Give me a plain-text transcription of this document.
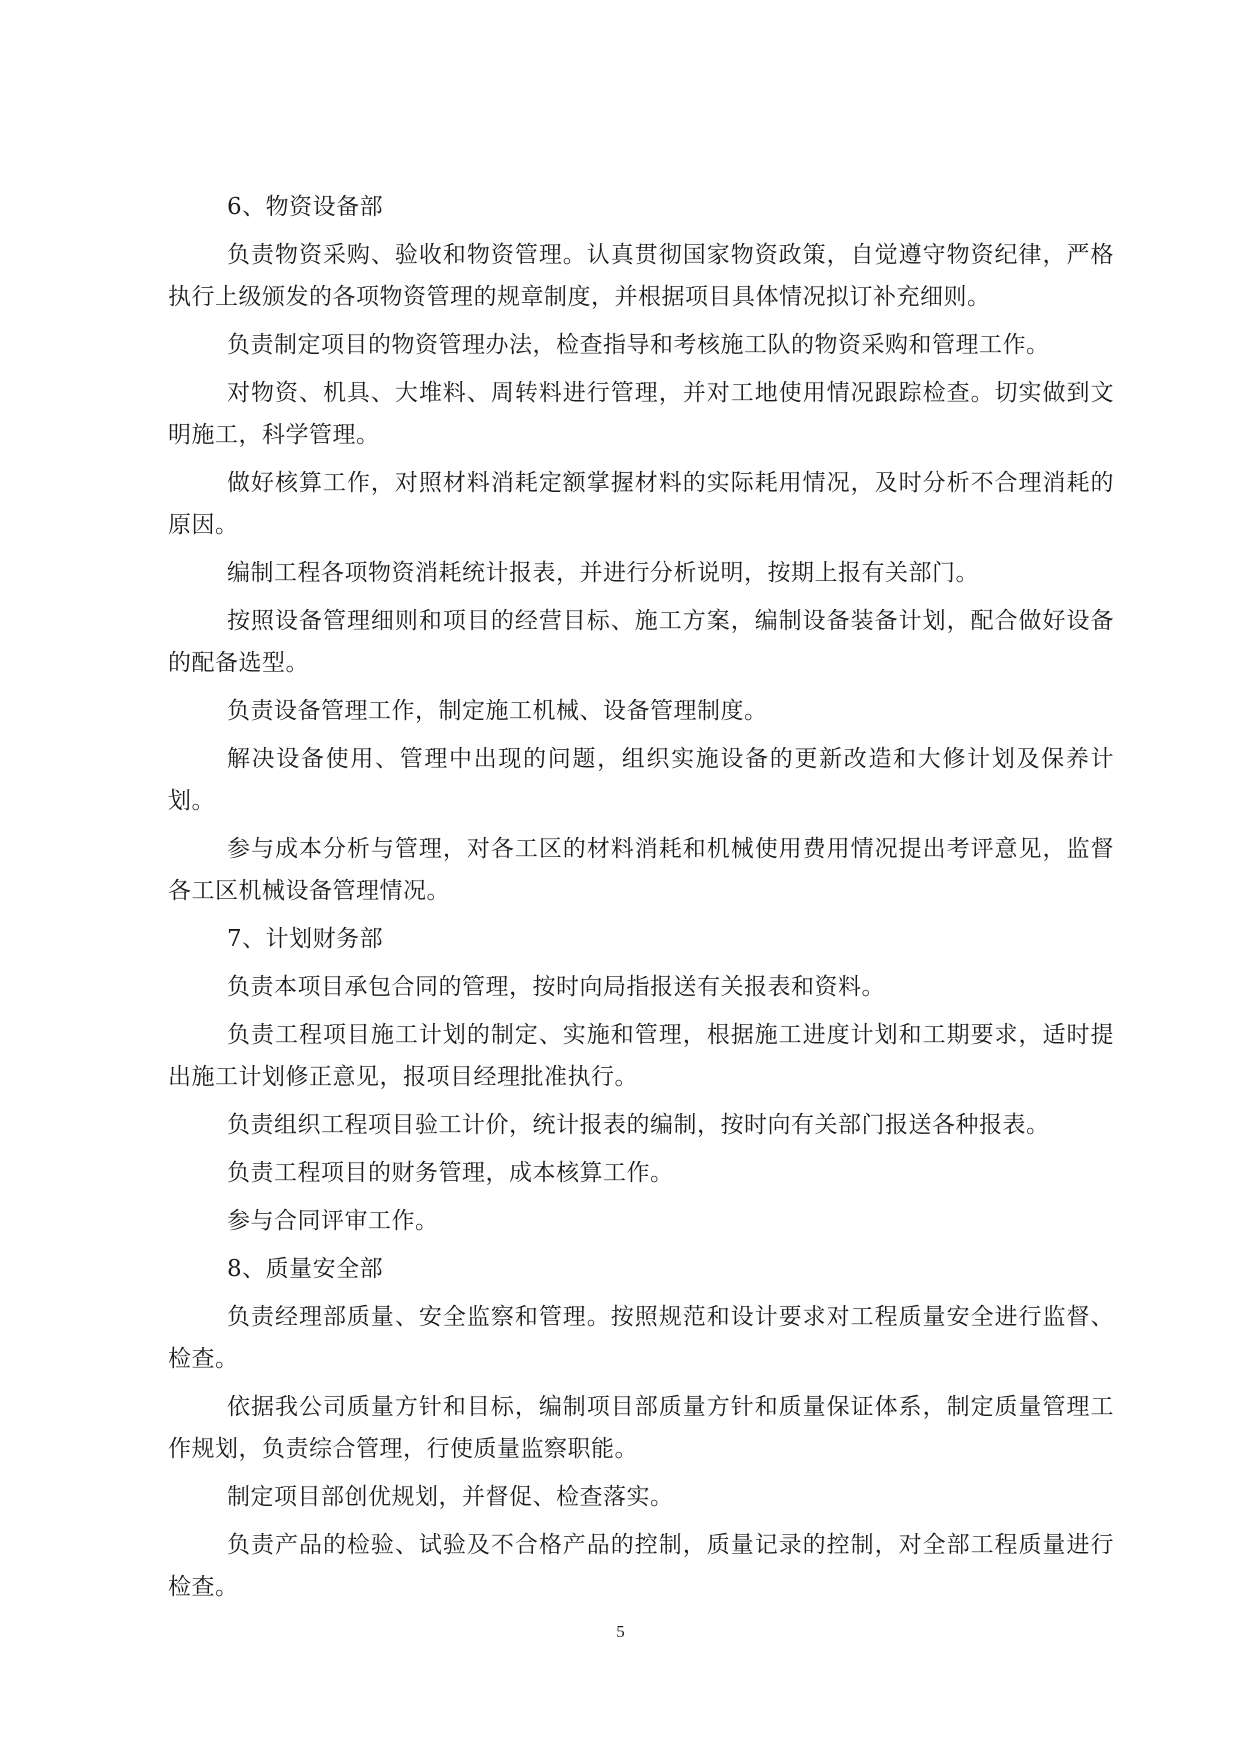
6、物资设备部

负责物资采购、验收和物资管理。认真贯彻国家物资政策，自觉遵守物资纪律，严格执行上级颁发的各项物资管理的规章制度，并根据项目具体情况拟订补充细则。

负责制定项目的物资管理办法，检查指导和考核施工队的物资采购和管理工作。

对物资、机具、大堆料、周转料进行管理，并对工地使用情况跟踪检查。切实做到文明施工，科学管理。

做好核算工作，对照材料消耗定额掌握材料的实际耗用情况，及时分析不合理消耗的原因。

编制工程各项物资消耗统计报表，并进行分析说明，按期上报有关部门。

按照设备管理细则和项目的经营目标、施工方案，编制设备装备计划，配合做好设备的配备选型。

负责设备管理工作，制定施工机械、设备管理制度。

解决设备使用、管理中出现的问题，组织实施设备的更新改造和大修计划及保养计划。

参与成本分析与管理，对各工区的材料消耗和机械使用费用情况提出考评意见，监督各工区机械设备管理情况。

7、计划财务部

负责本项目承包合同的管理，按时向局指报送有关报表和资料。

负责工程项目施工计划的制定、实施和管理，根据施工进度计划和工期要求，适时提出施工计划修正意见，报项目经理批准执行。

负责组织工程项目验工计价，统计报表的编制，按时向有关部门报送各种报表。

负责工程项目的财务管理，成本核算工作。

参与合同评审工作。

8、质量安全部

负责经理部质量、安全监察和管理。按照规范和设计要求对工程质量安全进行监督、检查。

依据我公司质量方针和目标，编制项目部质量方针和质量保证体系，制定质量管理工作规划，负责综合管理，行使质量监察职能。

制定项目部创优规划，并督促、检查落实。

负责产品的检验、试验及不合格产品的控制，质量记录的控制，对全部工程质量进行检查。

5
